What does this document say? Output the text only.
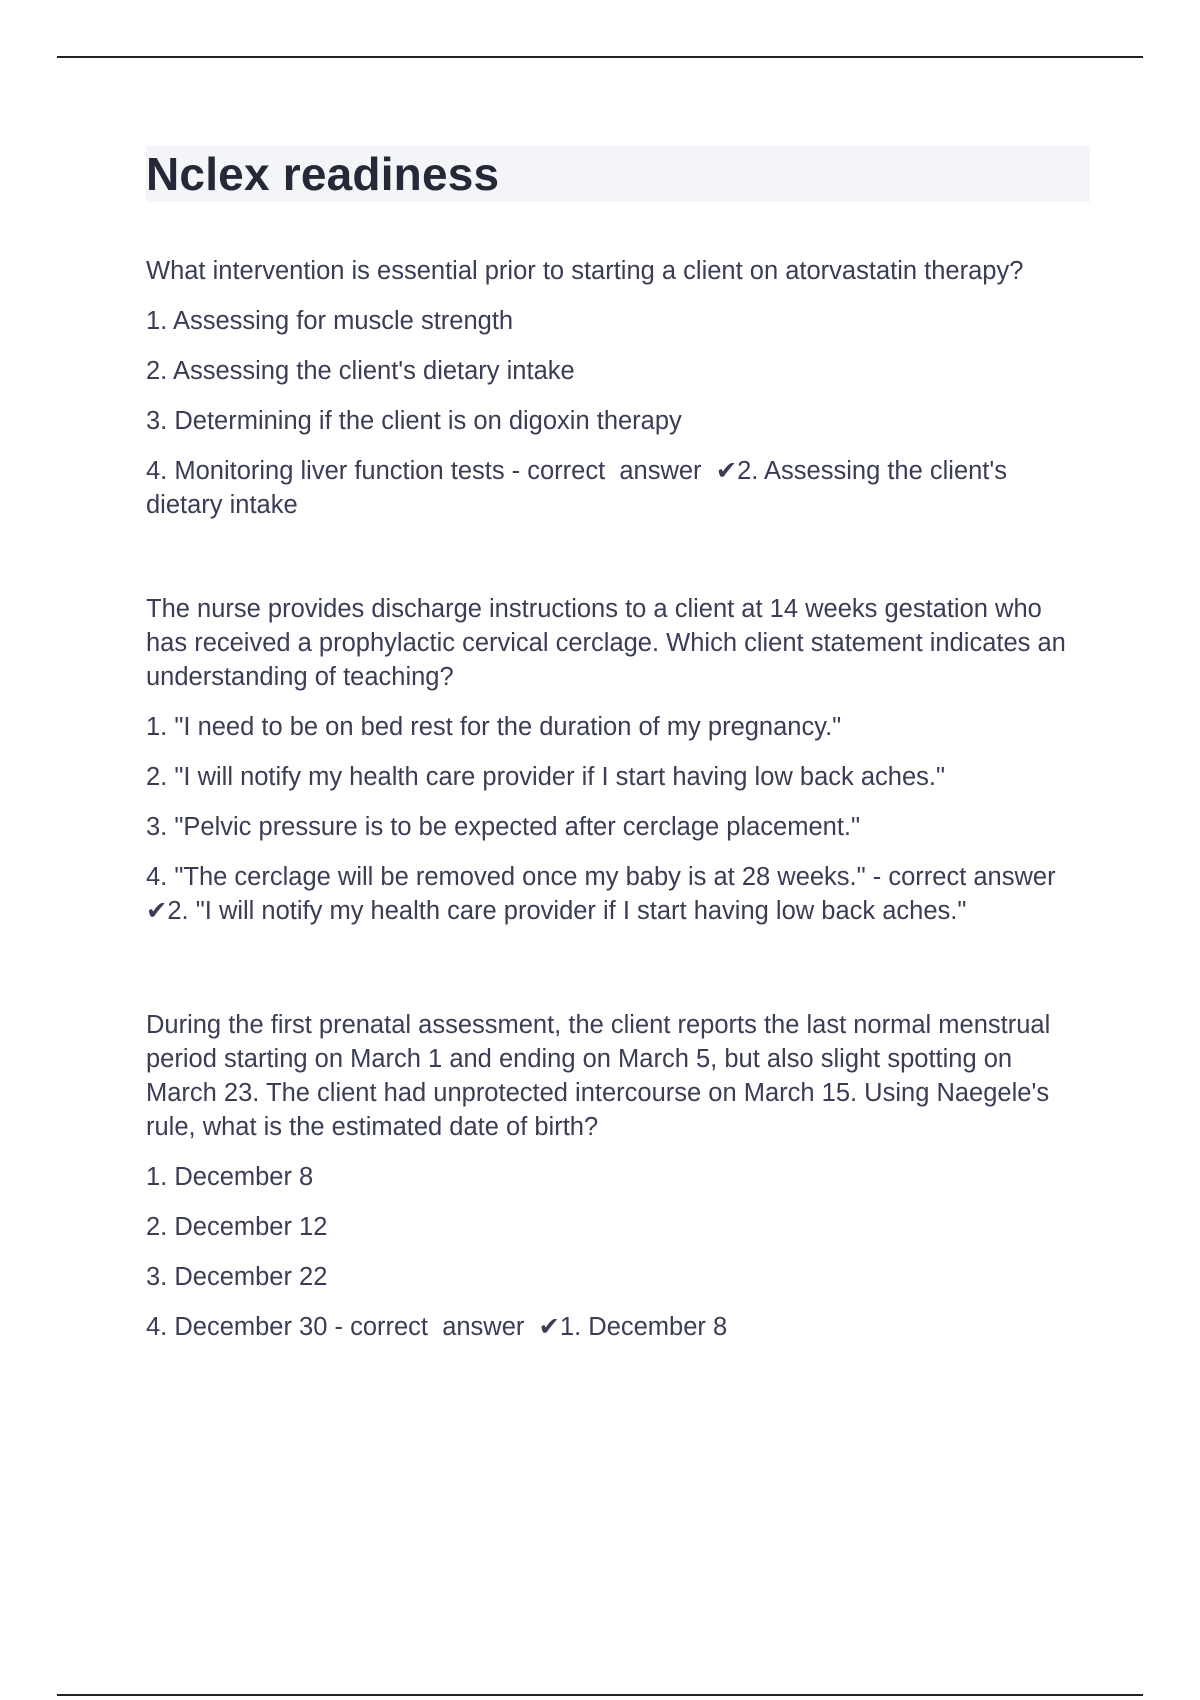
Nclex readiness

What intervention is essential prior to starting a client on atorvastatin therapy?

1. Assessing for muscle strength

2. Assessing the client's dietary intake

3. Determining if the client is on digoxin therapy

4. Monitoring liver function tests - correct  answer  ✔2. Assessing the client's dietary intake

The nurse provides discharge instructions to a client at 14 weeks gestation who has received a prophylactic cervical cerclage. Which client statement indicates an understanding of teaching?

1. "I need to be on bed rest for the duration of my pregnancy."

2. "I will notify my health care provider if I start having low back aches."

3. "Pelvic pressure is to be expected after cerclage placement."

4. "The cerclage will be removed once my baby is at 28 weeks." - correct answer  ✔2. "I will notify my health care provider if I start having low back aches."

During the first prenatal assessment, the client reports the last normal menstrual period starting on March 1 and ending on March 5, but also slight spotting on March 23. The client had unprotected intercourse on March 15. Using Naegele's rule, what is the estimated date of birth?

1. December 8

2. December 12

3. December 22

4. December 30 - correct  answer  ✔1. December 8
